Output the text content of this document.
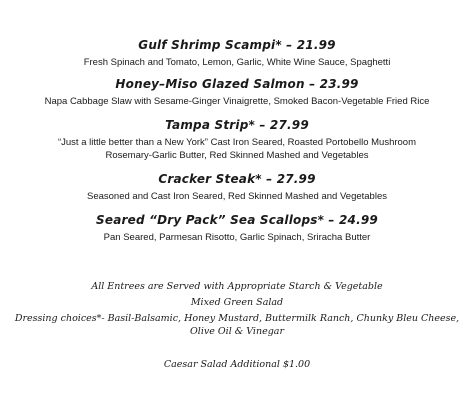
Gulf Shrimp Scampi* – 21.99
Fresh Spinach and Tomato, Lemon, Garlic, White Wine Sauce, Spaghetti
Honey–Miso Glazed Salmon – 23.99
Napa Cabbage Slaw with Sesame-Ginger Vinaigrette, Smoked Bacon-Vegetable Fried Rice
Tampa Strip* – 27.99
“Just a little better than a New York” Cast Iron Seared, Roasted Portobello Mushroom
Rosemary-Garlic Butter, Red Skinned Mashed and Vegetables
Cracker Steak* – 27.99
Seasoned and Cast Iron Seared, Red Skinned Mashed and Vegetables
Seared “Dry Pack” Sea Scallops* – 24.99
Pan Seared, Parmesan Risotto, Garlic Spinach, Sriracha Butter
All Entrees are Served with Appropriate Starch & Vegetable
Mixed Green Salad
Dressing choices*- Basil-Balsamic, Honey Mustard, Buttermilk Ranch, Chunky Bleu Cheese,
Olive Oil & Vinegar
Caesar Salad Additional $1.00
